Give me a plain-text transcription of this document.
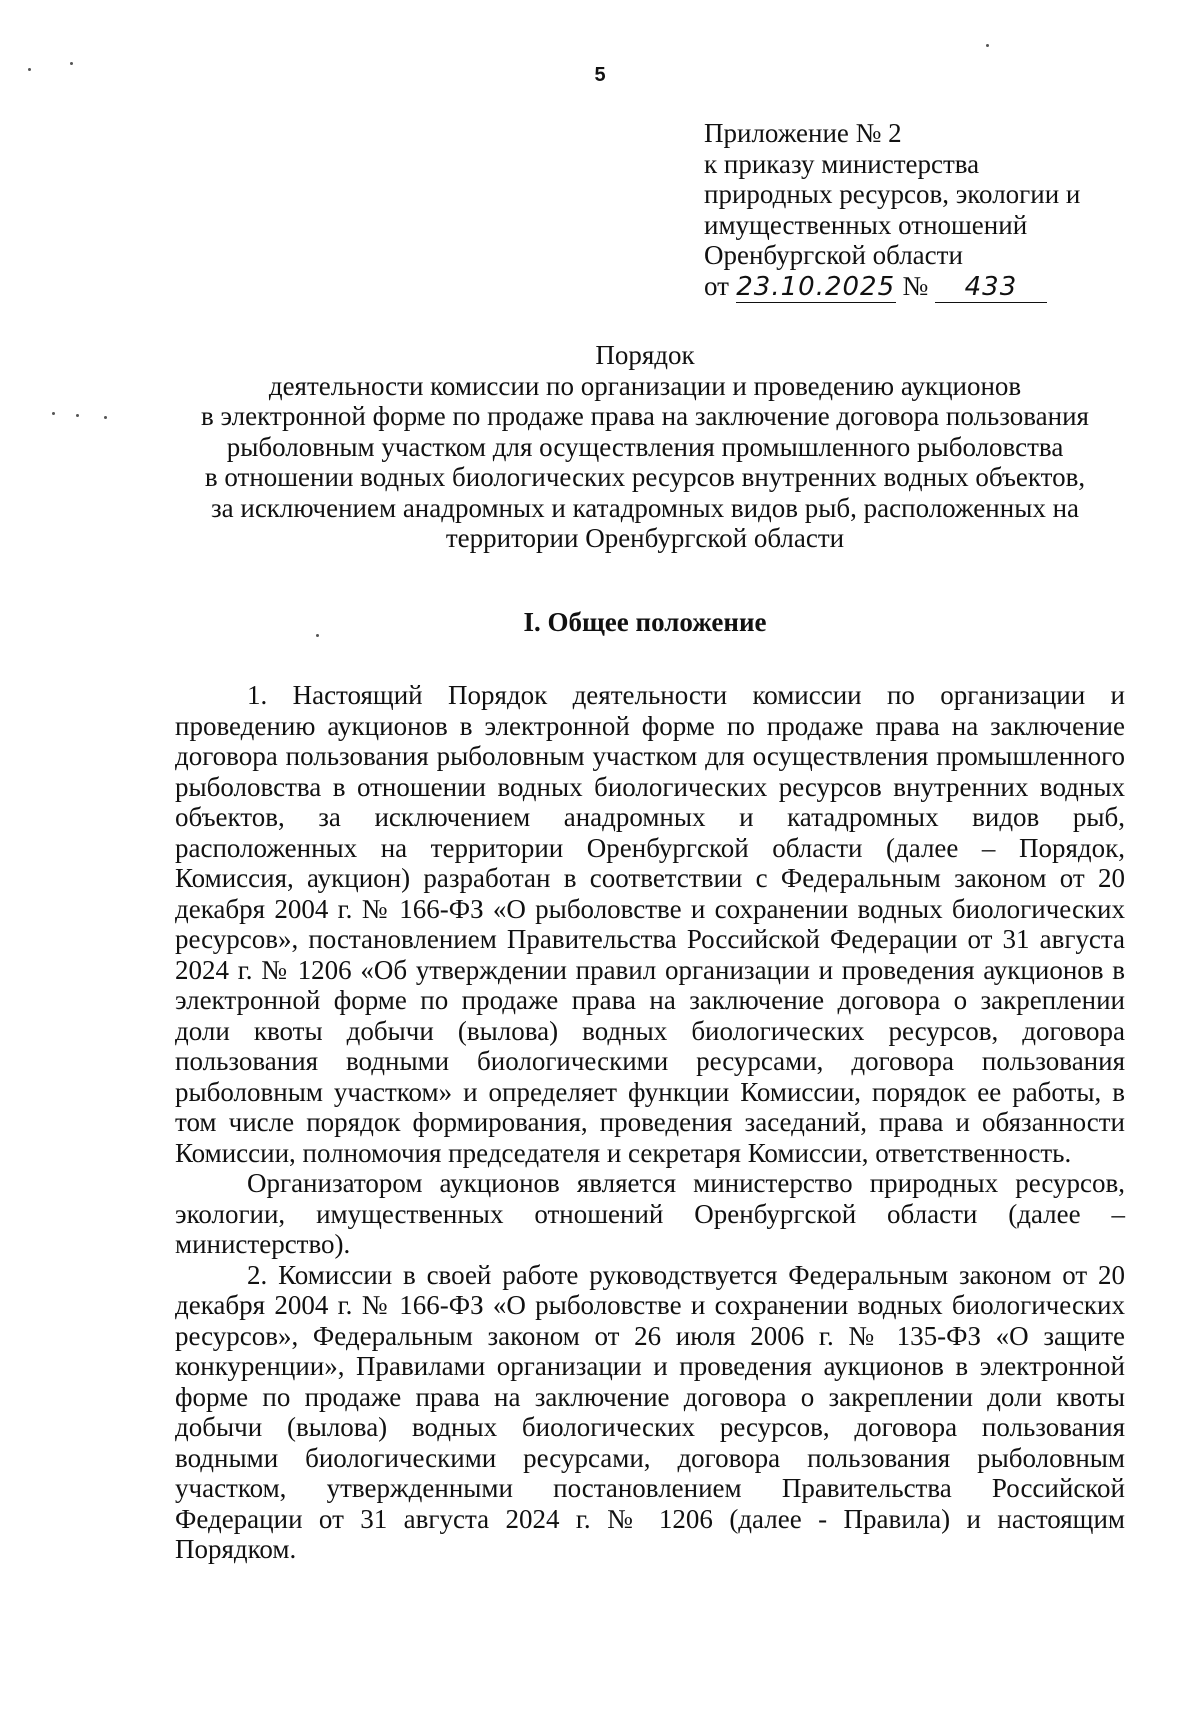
5
Приложение № 2
к приказу министерства
природных ресурсов, экологии и
имущественных отношений
Оренбургской области
от 23.10.2025 № 433
Порядок
деятельности комиссии по организации и проведению аукционов
в электронной форме по продаже права на заключение договора пользования
рыболовным участком для осуществления промышленного рыболовства
в отношении водных биологических ресурсов внутренних водных объектов,
за исключением анадромных и катадромных видов рыб, расположенных на
территории Оренбургской области
I. Общее положение

1. Настоящий Порядок деятельности комиссии по организации и проведению аукционов в электронной форме по продаже права на заключение договора пользования рыболовным участком для осуществления промышленного рыболовства в отношении водных биологических ресурсов внутренних водных объектов, за исключением анадромных и катадромных видов рыб, расположенных на территории Оренбургской области (далее – Порядок, Комиссия, аукцион) разработан в соответствии с Федеральным законом от 20 декабря 2004 г. № 166-ФЗ «О рыболовстве и сохранении водных биологических ресурсов», постановлением Правительства Российской Федерации от 31 августа 2024 г. № 1206 «Об утверждении правил организации и проведения аукционов в электронной форме по продаже права на заключение договора о закреплении доли квоты добычи (вылова) водных биологических ресурсов, договора пользования водными биологическими ресурсами, договора пользования рыболовным участком» и определяет функции Комиссии, порядок ее работы, в том числе порядок формирования, проведения заседаний, права и обязанности Комиссии, полномочия председателя и секретаря Комиссии, ответственность.

Организатором аукционов является министерство природных ресурсов, экологии, имущественных отношений Оренбургской области (далее – министерство).

2. Комиссии в своей работе руководствуется Федеральным законом от 20 декабря 2004 г. № 166-ФЗ «О рыболовстве и сохранении водных биологических ресурсов», Федеральным законом от 26 июля 2006 г. № 135-ФЗ «О защите конкуренции», Правилами организации и проведения аукционов в электронной форме по продаже права на заключение договора о закреплении доли квоты добычи (вылова) водных биологических ресурсов, договора пользования водными биологическими ресурсами, договора пользования рыболовным участком, утвержденными постановлением Правительства Российской Федерации от 31 августа 2024 г. № 1206 (далее - Правила) и настоящим Порядком.
